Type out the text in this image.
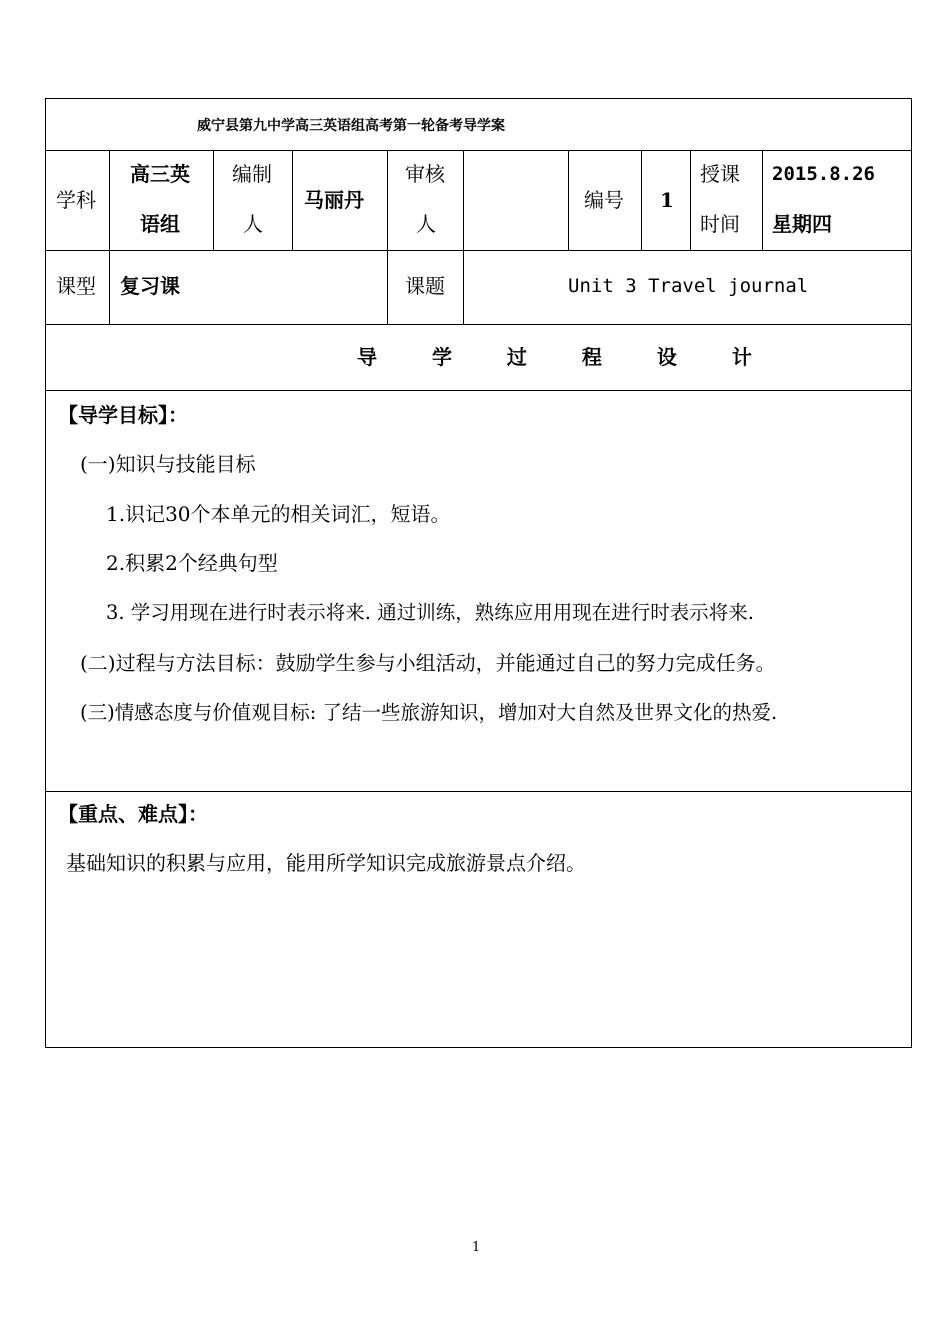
威宁县第九中学高三英语组高考第一轮备考导学案
学科
高三英
语组
编制
人
马丽丹
审核
人
编号 1
授课
时间
2015.8.26
星期四
课型 复习课	课题	Unit 3 Travel journal
导 学 过 程 设 计
【导学目标】：
(一)知识与技能目标
1.识记30个本单元的相关词汇，短语。
2.积累2个经典句型
3. 学习用现在进行时表示将来. 通过训练，熟练应用用现在进行时表示将来.
(二)过程与方法目标：鼓励学生参与小组活动，并能通过自己的努力完成任务。
(三)情感态度与价值观目标: 了结一些旅游知识，增加对大自然及世界文化的热爱.
【重点、难点】：
基础知识的积累与应用，能用所学知识完成旅游景点介绍。
1
